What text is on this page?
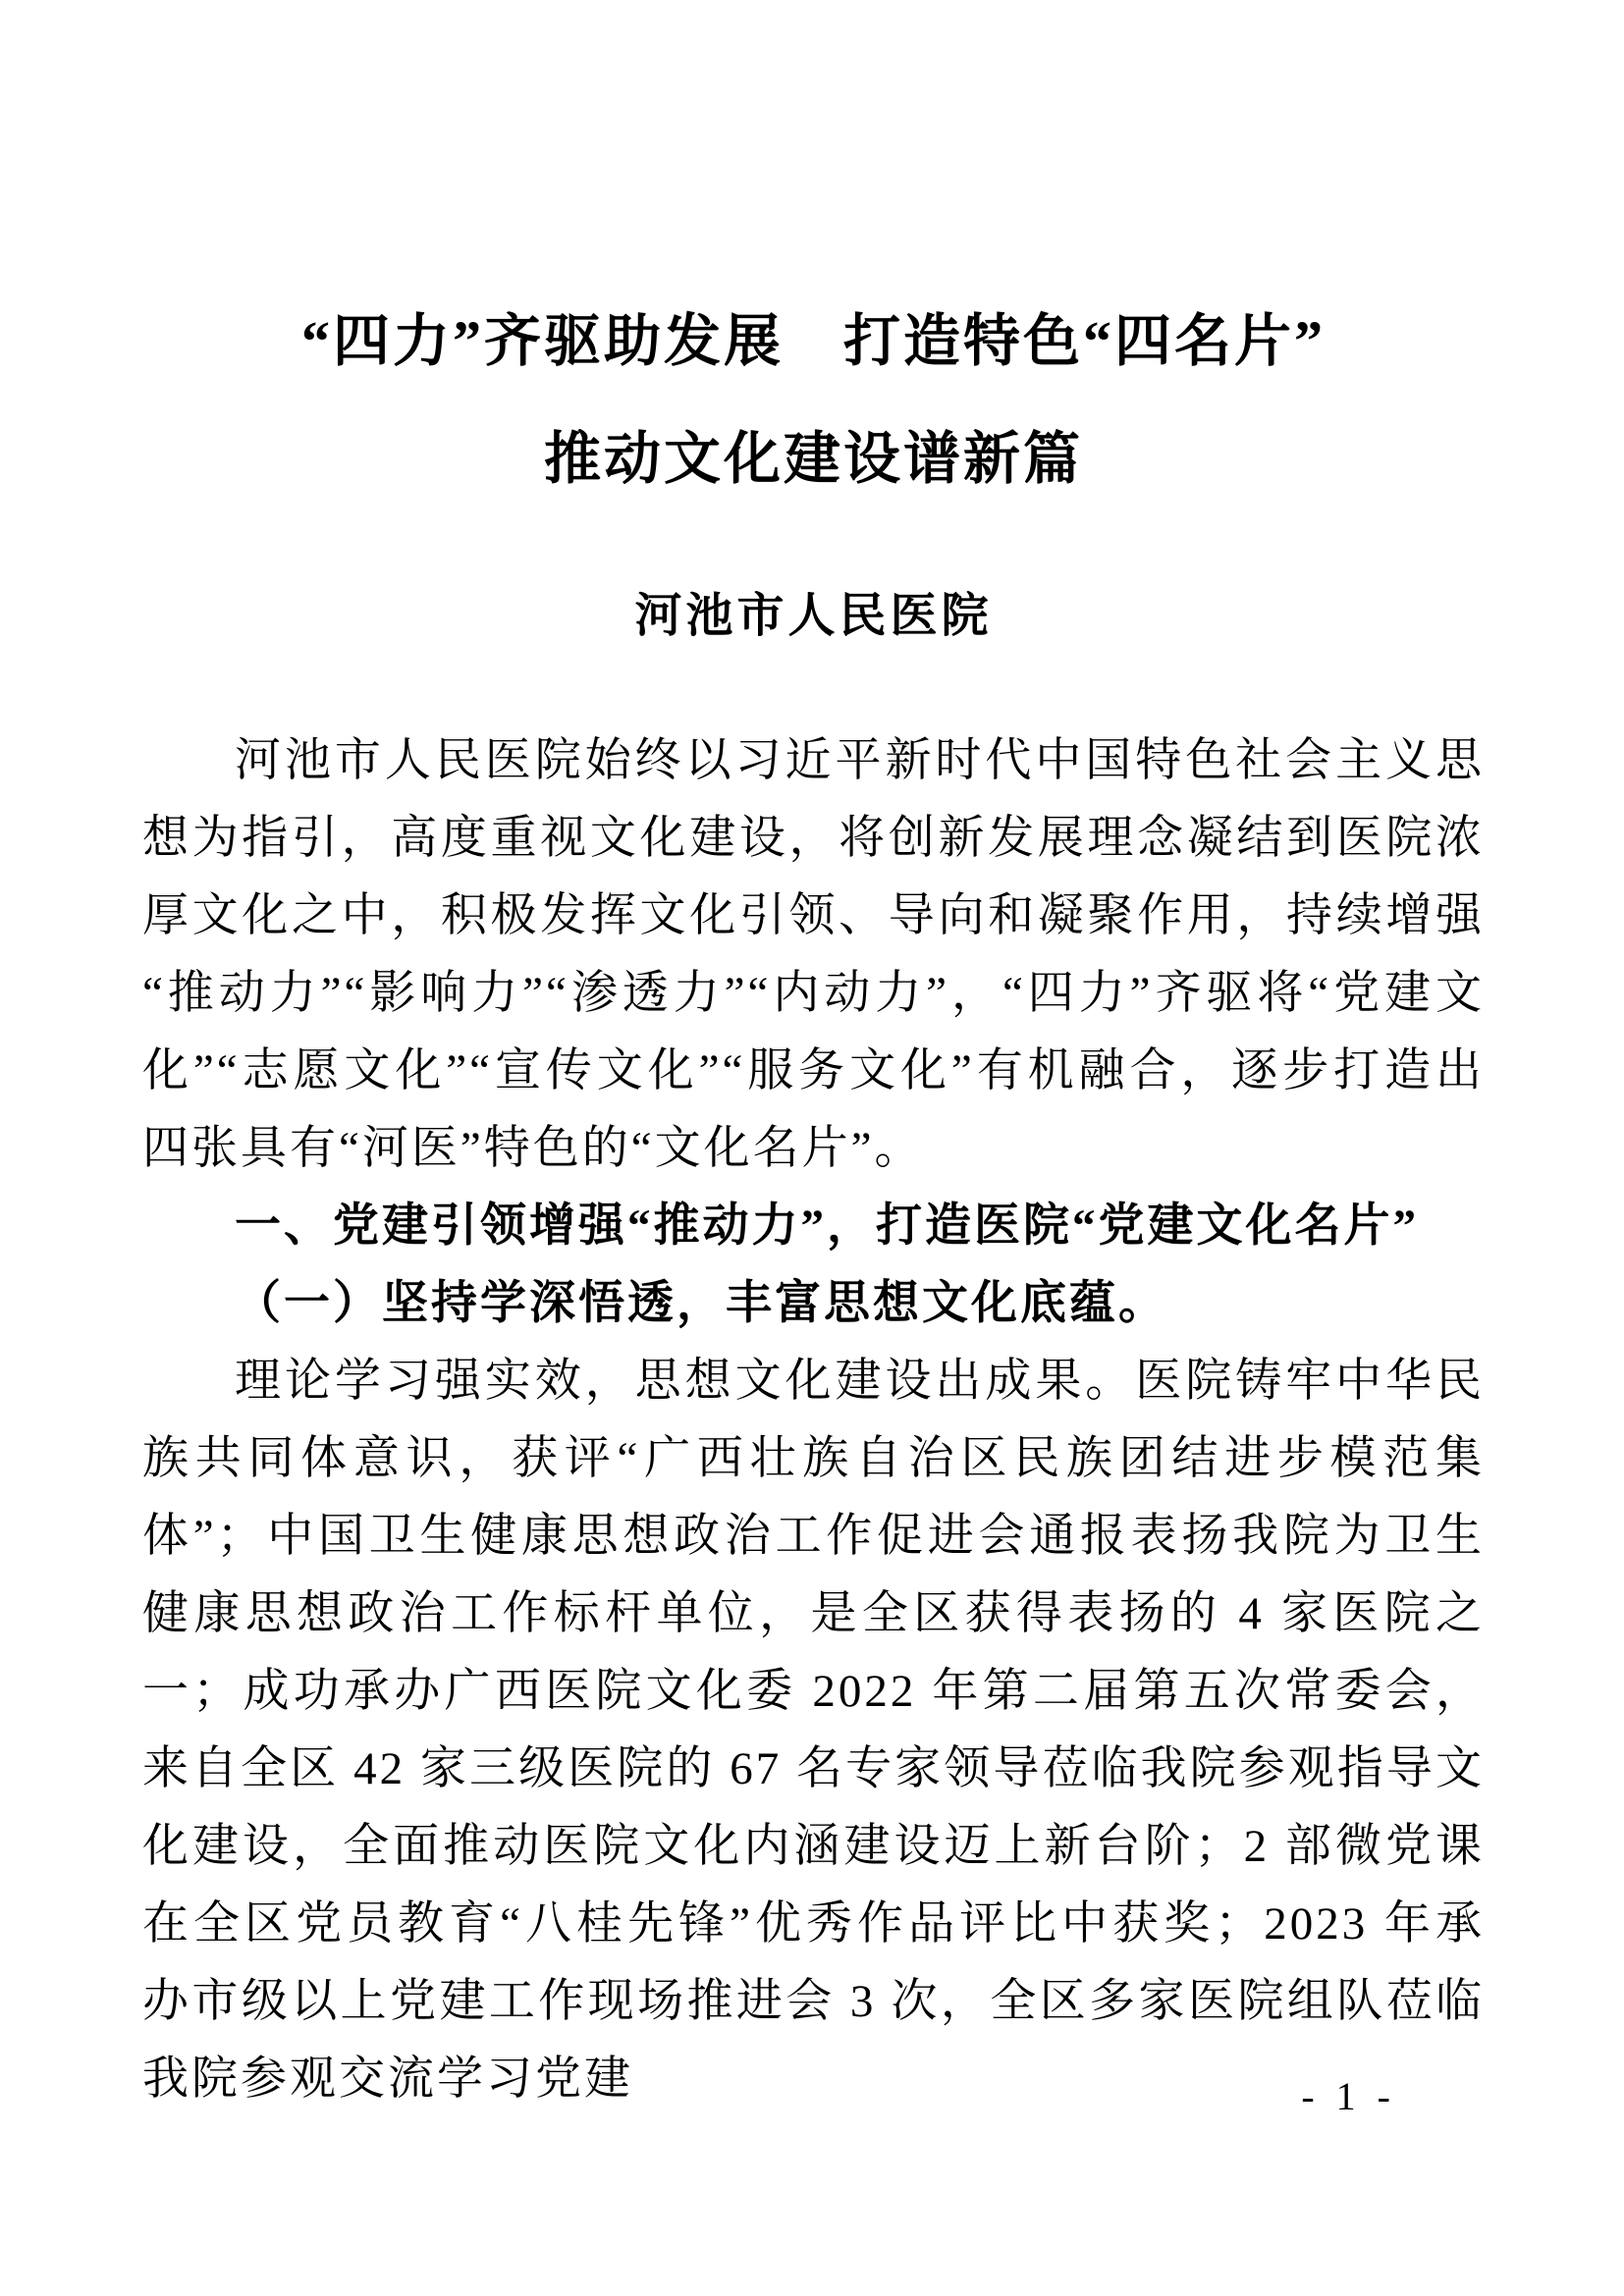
“四力”齐驱助发展　打造特色“四名片”
推动文化建设谱新篇
河池市人民医院

河池市人民医院始终以习近平新时代中国特色社会主义思想为指引，高度重视文化建设，将创新发展理念凝结到医院浓厚文化之中，积极发挥文化引领、导向和凝聚作用，持续增强“推动力”“影响力”“渗透力”“内动力”，“四力”齐驱将“党建文化”“志愿文化”“宣传文化”“服务文化”有机融合，逐步打造出四张具有“河医”特色的“文化名片”。

一、党建引领增强“推动力”，打造医院“党建文化名片”

（一）坚持学深悟透，丰富思想文化底蕴。

理论学习强实效，思想文化建设出成果。医院铸牢中华民族共同体意识，获评“广西壮族自治区民族团结进步模范集体”；中国卫生健康思想政治工作促进会通报表扬我院为卫生健康思想政治工作标杆单位，是全区获得表扬的 4 家医院之一；成功承办广西医院文化委 2022 年第二届第五次常委会，来自全区 42 家三级医院的 67 名专家领导莅临我院参观指导文化建设，全面推动医院文化内涵建设迈上新台阶；2 部微党课在全区党员教育“八桂先锋”优秀作品评比中获奖；2023 年承办市级以上党建工作现场推进会 3 次，全区多家医院组队莅临我院参观交流学习党建	- 1 -
